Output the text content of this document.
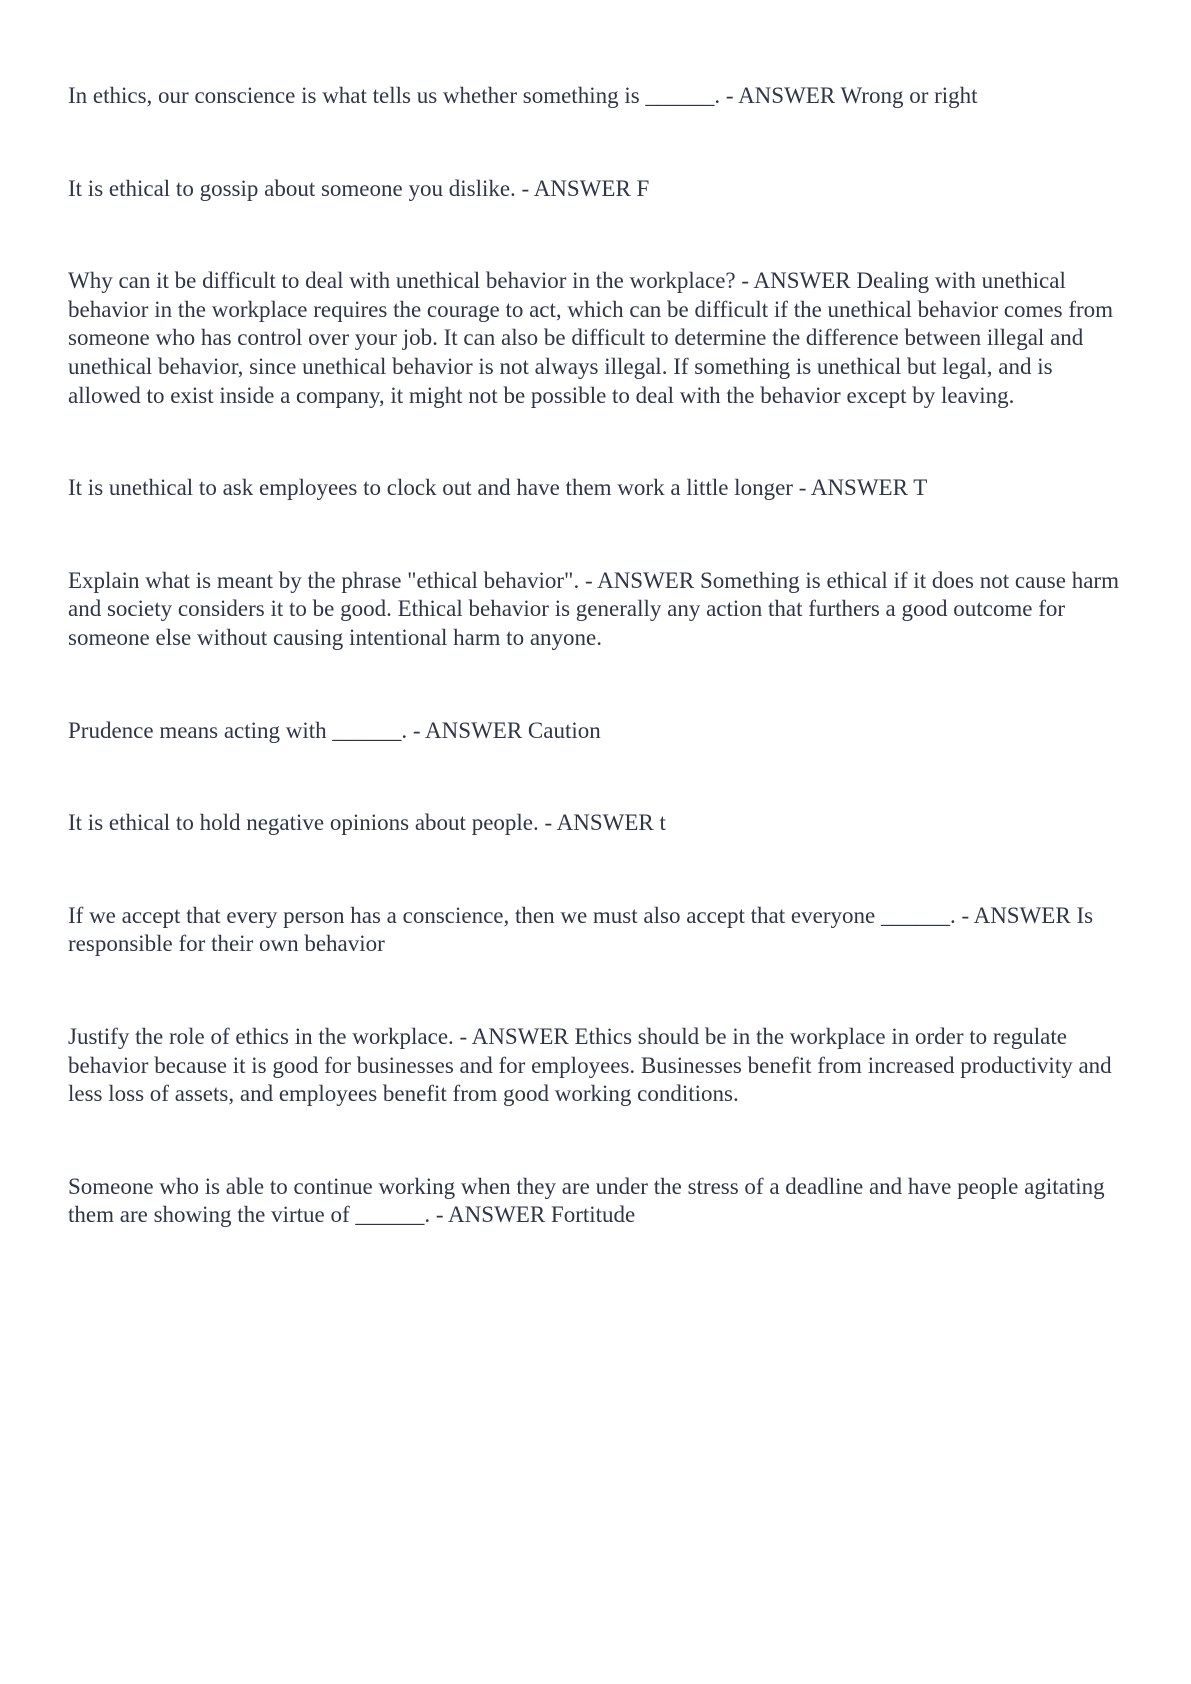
In ethics, our conscience is what tells us whether something is ______. - ANSWER Wrong or right

It is ethical to gossip about someone you dislike. - ANSWER F

Why can it be difficult to deal with unethical behavior in the workplace? - ANSWER Dealing with unethical behavior in the workplace requires the courage to act, which can be difficult if the unethical behavior comes from someone who has control over your job. It can also be difficult to determine the difference between illegal and unethical behavior, since unethical behavior is not always illegal. If something is unethical but legal, and is allowed to exist inside a company, it might not be possible to deal with the behavior except by leaving.

It is unethical to ask employees to clock out and have them work a little longer - ANSWER T

Explain what is meant by the phrase "ethical behavior". - ANSWER Something is ethical if it does not cause harm and society considers it to be good. Ethical behavior is generally any action that furthers a good outcome for someone else without causing intentional harm to anyone.

Prudence means acting with ______. - ANSWER Caution

It is ethical to hold negative opinions about people. - ANSWER t

If we accept that every person has a conscience, then we must also accept that everyone ______. - ANSWER Is responsible for their own behavior

Justify the role of ethics in the workplace. - ANSWER Ethics should be in the workplace in order to regulate behavior because it is good for businesses and for employees. Businesses benefit from increased productivity and less loss of assets, and employees benefit from good working conditions.

Someone who is able to continue working when they are under the stress of a deadline and have people agitating them are showing the virtue of ______. - ANSWER Fortitude
